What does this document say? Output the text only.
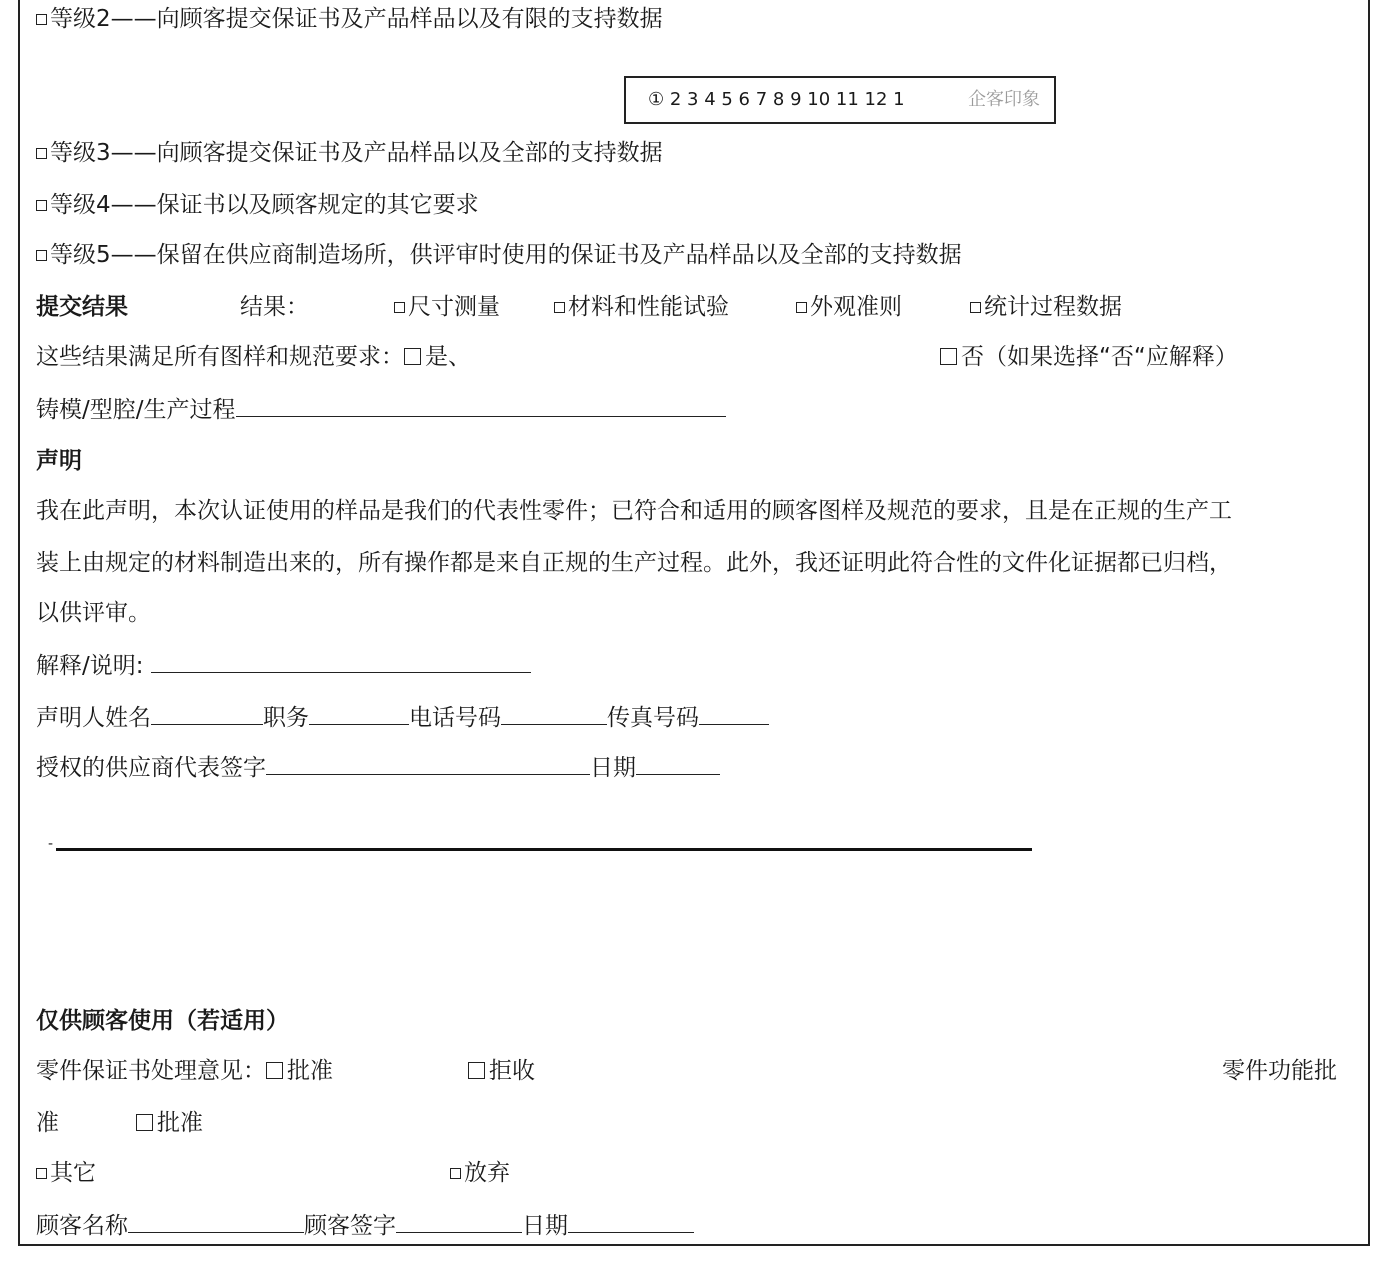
等级2——向顾客提交保证书及产品样品以及有限的支持数据
① 2 3 4 5 6 7 8 9 10 11 12 1	企客印象
等级3——向顾客提交保证书及产品样品以及全部的支持数据
等级4——保证书以及顾客规定的其它要求
等级5——保留在供应商制造场所，供评审时使用的保证书及产品样品以及全部的支持数据
提交结果	结果：	尺寸测量	材料和性能试验	外观准则	统计过程数据
这些结果满足所有图样和规范要求： 是、	否（如果选择“否“应解释）
铸模/型腔/生产过程
声明
我在此声明，本次认证使用的样品是我们的代表性零件；已符合和适用的顾客图样及规范的要求，且是在正规的生产工
装上由规定的材料制造出来的，所有操作都是来自正规的生产过程。此外，我还证明此符合性的文件化证据都已归档，
以供评审。
解释/说明:
声明人姓名	职务	电话号码	传真号码
授权的供应商代表签字	日期
-
仅供顾客使用（若适用）
零件保证书处理意见： 批准	拒收	零件功能批
准	批准
其它	放弃
顾客名称	顾客签字	日期
